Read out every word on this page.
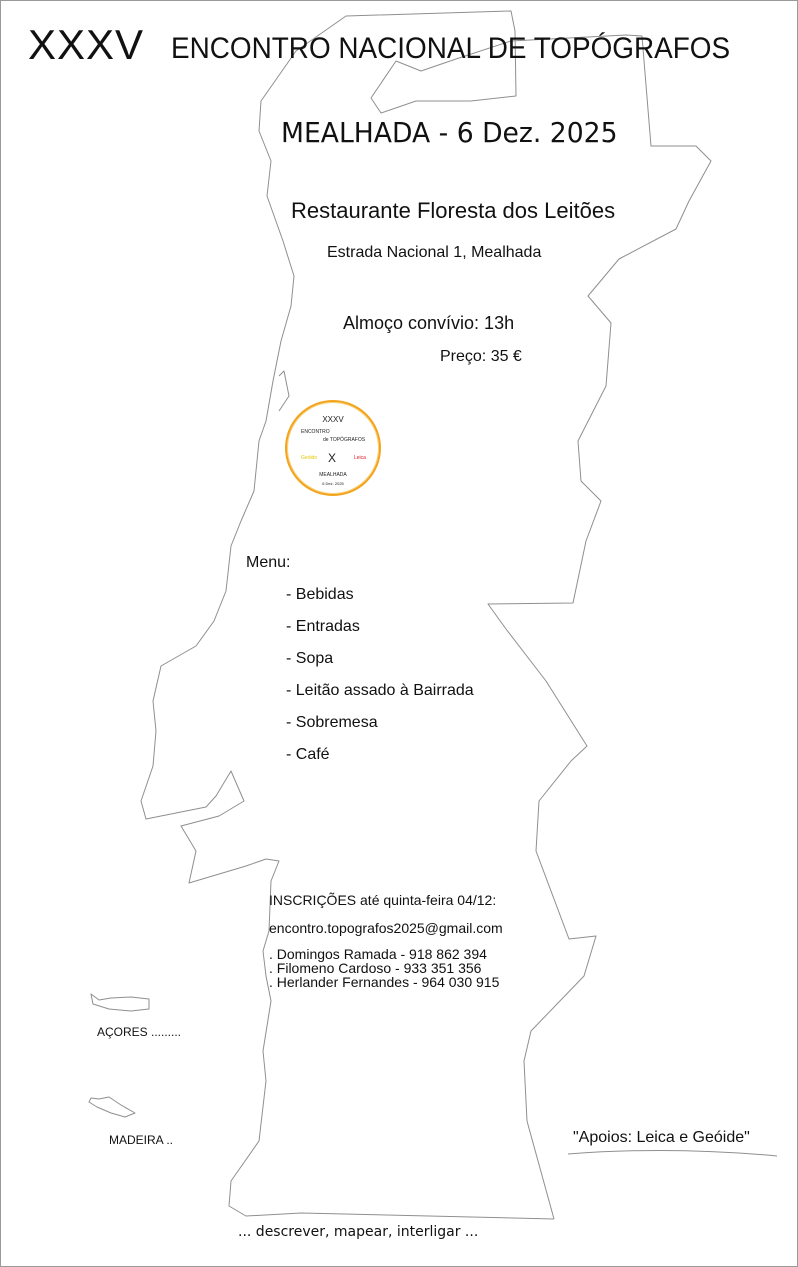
XXXV ENCONTRO NACIONAL DE TOPÓGRAFOS
MEALHADA - 6 Dez. 2025
Restaurante Floresta dos Leitões
Estrada Nacional 1, Mealhada
Almoço convívio: 13h
Preço: 35 €
XXXV
ENCONTRO
de TOPÓGRAFOS
Geóide X	Leica
MEALHADA
6 Dez. 2025
Menu:
- Bebidas
- Entradas
- Sopa
- Leitão assado à Bairrada
- Sobremesa
- Café
INSCRIÇÕES até quinta-feira 04/12:
encontro.topografos2025@gmail.com
. Domingos Ramada - 918 862 394
. Filomeno Cardoso - 933 351 356
. Herlander Fernandes - 964 030 915
AÇORES .........
MADEIRA ..	"Apoios: Leica e Geóide"
... descrever, mapear, interligar ...
